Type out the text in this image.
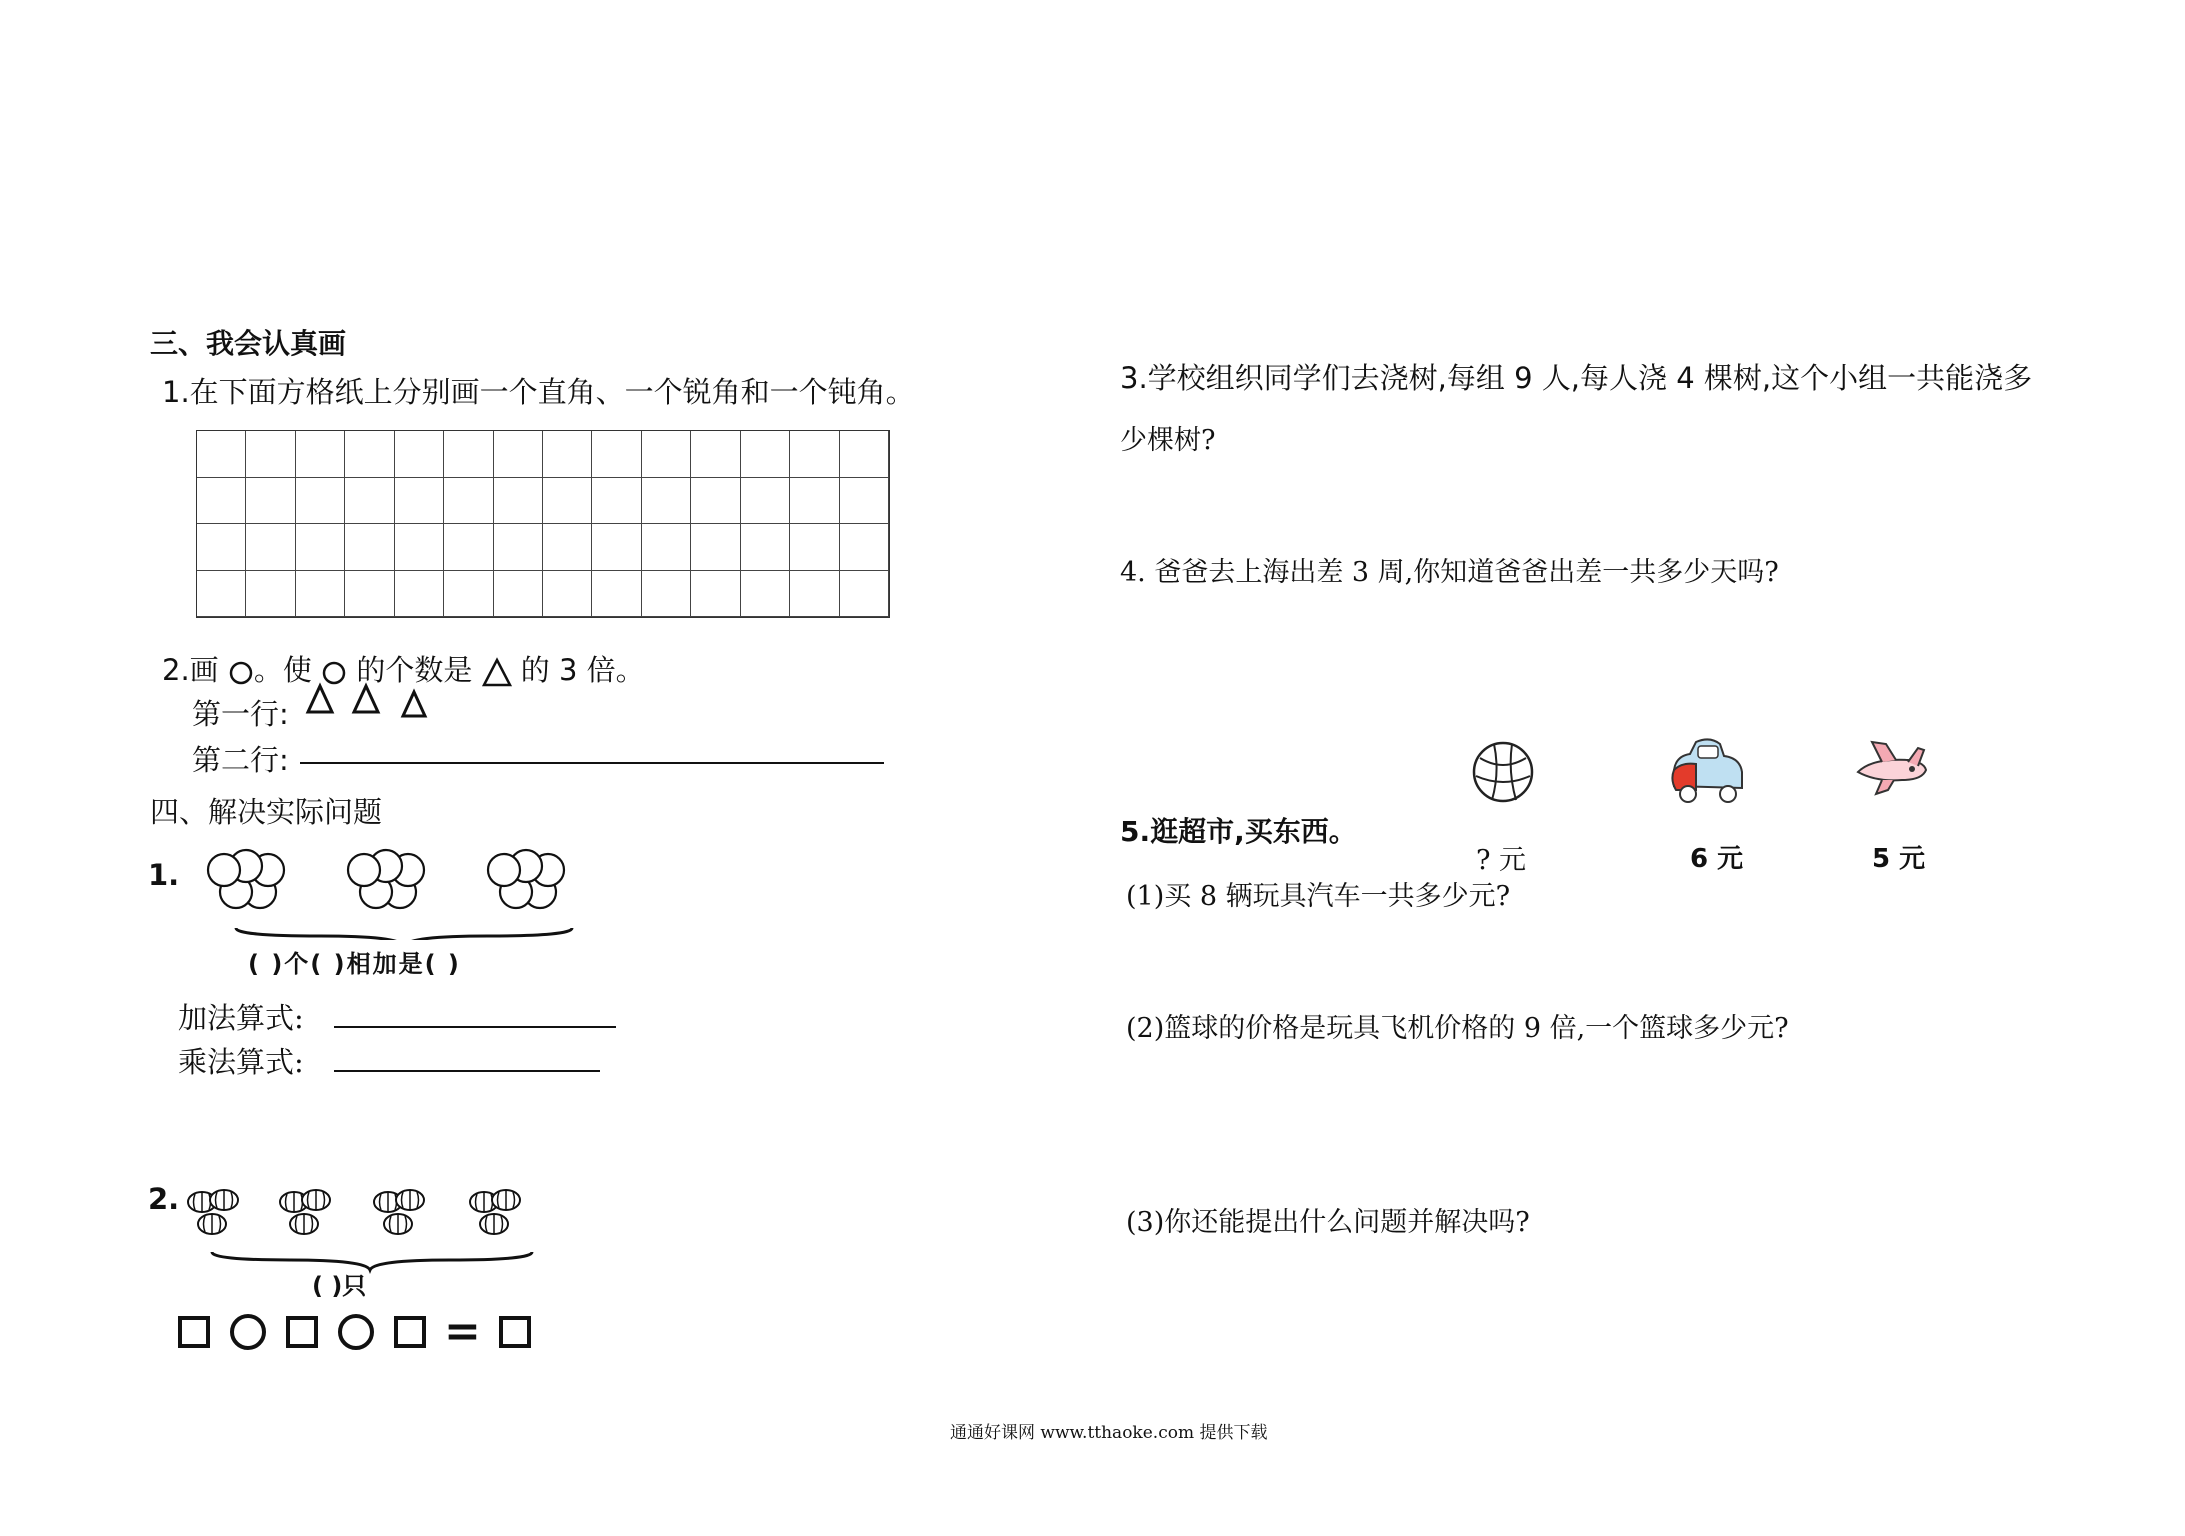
三、我会认真画
1.在下面方格纸上分别画一个直角、一个锐角和一个钝角。
2.画 。使 的个数是 的 3 倍。
第一行:
第二行:
四、解决实际问题
1.
( )个( )相加是( )
加法算式:
乘法算式:
2.
( )只
=
3.学校组织同学们去浇树,每组 9 人,每人浇 4 棵树,这个小组一共能浇多
少棵树?
4. 爸爸去上海出差 3 周,你知道爸爸出差一共多少天吗?
5.逛超市,买东西。
? 元	6 元	5 元
(1)买 8 辆玩具汽车一共多少元?
(2)篮球的价格是玩具飞机价格的 9 倍,一个篮球多少元?
(3)你还能提出什么问题并解决吗?
通通好课网 www.tthaoke.com 提供下载
